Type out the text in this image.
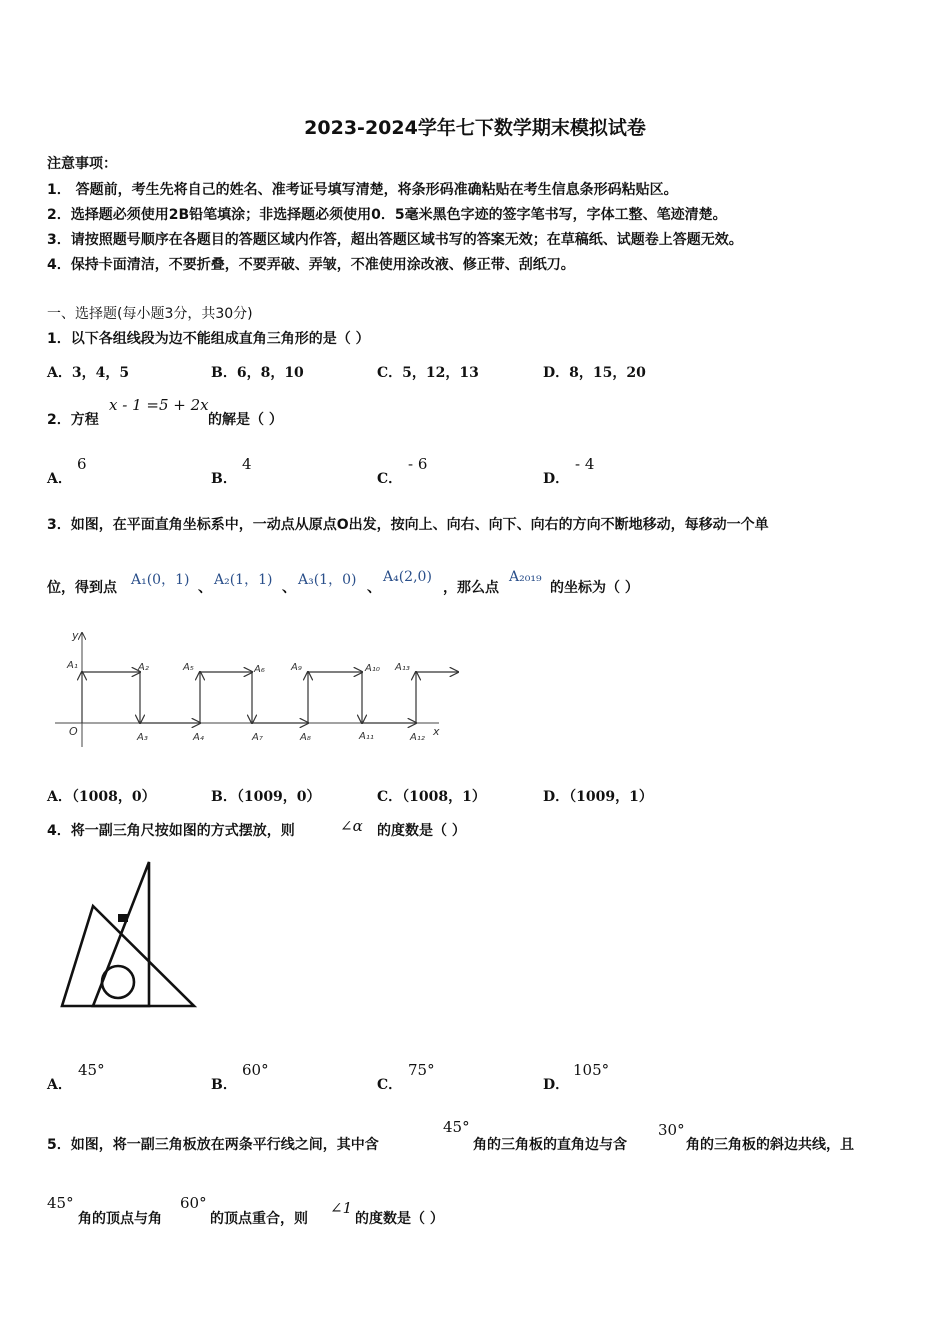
2023-2024学年七下数学期末模拟试卷
注意事项：
1． 答题前，考生先将自己的姓名、准考证号填写清楚，将条形码准确粘贴在考生信息条形码粘贴区。
2．选择题必须使用2B铅笔填涂；非选择题必须使用0．5毫米黑色字迹的签字笔书写，字体工整、笔迹清楚。
3．请按照题号顺序在各题目的答题区域内作答，超出答题区域书写的答案无效；在草稿纸、试题卷上答题无效。
4．保持卡面清洁，不要折叠，不要弄破、弄皱，不准使用涂改液、修正带、刮纸刀。
一、选择题(每小题3分，共30分)
1．以下各组线段为边不能组成直角三角形的是（ ）
A．3，4，5	B．6，8，10	C．5，12，13	D．8，15，20
2．方程
x - 1 =5 + 2x
的解是（ ）
A．
6
B．
4
C．
- 6
D．
- 4
3．如图，在平面直角坐标系中，一动点从原点O出发，按向上、向右、向下、向右的方向不断地移动，每移动一个单
位，得到点 A₁(0，1) 、 A₂(1，1) 、 A₃(1，0) 、
A₄(2,0)
，那么点
A₂₀₁₉
的坐标为（ ）
y
x
O
A₁	A₂	A₅	A₆	A₉	A₁₀ A₁₃
A₃	A₄	A₇	A₈	A₁₁	A₁₂
A．（1008，0）	B．（1009，0）	C．（1008，1）	D．（1009，1）
4．将一副三角尺按如图的方式摆放，则	∠α 的度数是（ ）
A．
45°
B．
60°
C．
75°
D．
105°
5．如图，将一副三角板放在两条平行线之间，其中含
45°
角的三角板的直角边与含
30°
角的三角板的斜边共线，且
45°
角的顶点与角
60°
的顶点重合，则
∠1
的度数是（ ）
